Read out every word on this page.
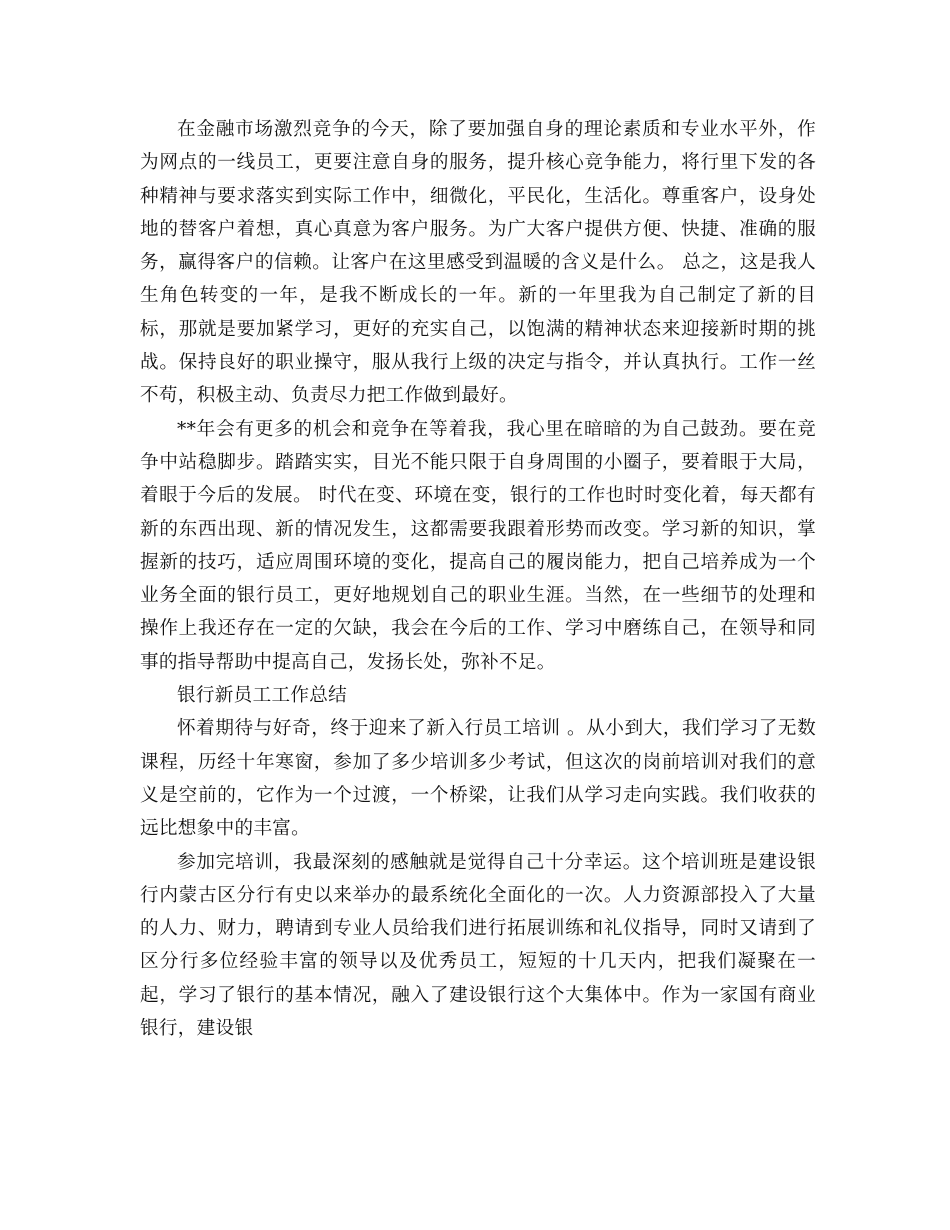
在金融市场激烈竞争的今天，除了要加强自身的理论素质和专业水平外，作为网点的一线员工，更要注意自身的服务，提升核心竞争能力，将行里下发的各种精神与要求落实到实际工作中，细微化，平民化，生活化。尊重客户，设身处地的替客户着想，真心真意为客户服务。为广大客户提供方便、快捷、准确的服务，赢得客户的信赖。让客户在这里感受到温暖的含义是什么。 总之，这是我人生角色转变的一年，是我不断成长的一年。新的一年里我为自己制定了新的目标，那就是要加紧学习，更好的充实自己，以饱满的精神状态来迎接新时期的挑战。保持良好的职业操守，服从我行上级的决定与指令，并认真执行。工作一丝不苟，积极主动、负责尽力把工作做到最好。

**年会有更多的机会和竞争在等着我，我心里在暗暗的为自己鼓劲。要在竞争中站稳脚步。踏踏实实，目光不能只限于自身周围的小圈子，要着眼于大局，着眼于今后的发展。 时代在变、环境在变，银行的工作也时时变化着，每天都有新的东西出现、新的情况发生，这都需要我跟着形势而改变。学习新的知识，掌握新的技巧，适应周围环境的变化，提高自己的履岗能力，把自己培养成为一个业务全面的银行员工，更好地规划自己的职业生涯。当然，在一些细节的处理和操作上我还存在一定的欠缺，我会在今后的工作、学习中磨练自己，在领导和同事的指导帮助中提高自己，发扬长处，弥补不足。

银行新员工工作总结

怀着期待与好奇，终于迎来了新入行员工培训 。从小到大，我们学习了无数课程，历经十年寒窗，参加了多少培训多少考试，但这次的岗前培训对我们的意义是空前的，它作为一个过渡，一个桥梁，让我们从学习走向实践。我们收获的远比想象中的丰富。

参加完培训，我最深刻的感触就是觉得自己十分幸运。这个培训班是建设银行内蒙古区分行有史以来举办的最系统化全面化的一次。人力资源部投入了大量的人力、财力，聘请到专业人员给我们进行拓展训练和礼仪指导，同时又请到了区分行多位经验丰富的领导以及优秀员工，短短的十几天内，把我们凝聚在一起，学习了银行的基本情况，融入了建设银行这个大集体中。作为一家国有商业银行，建设银
